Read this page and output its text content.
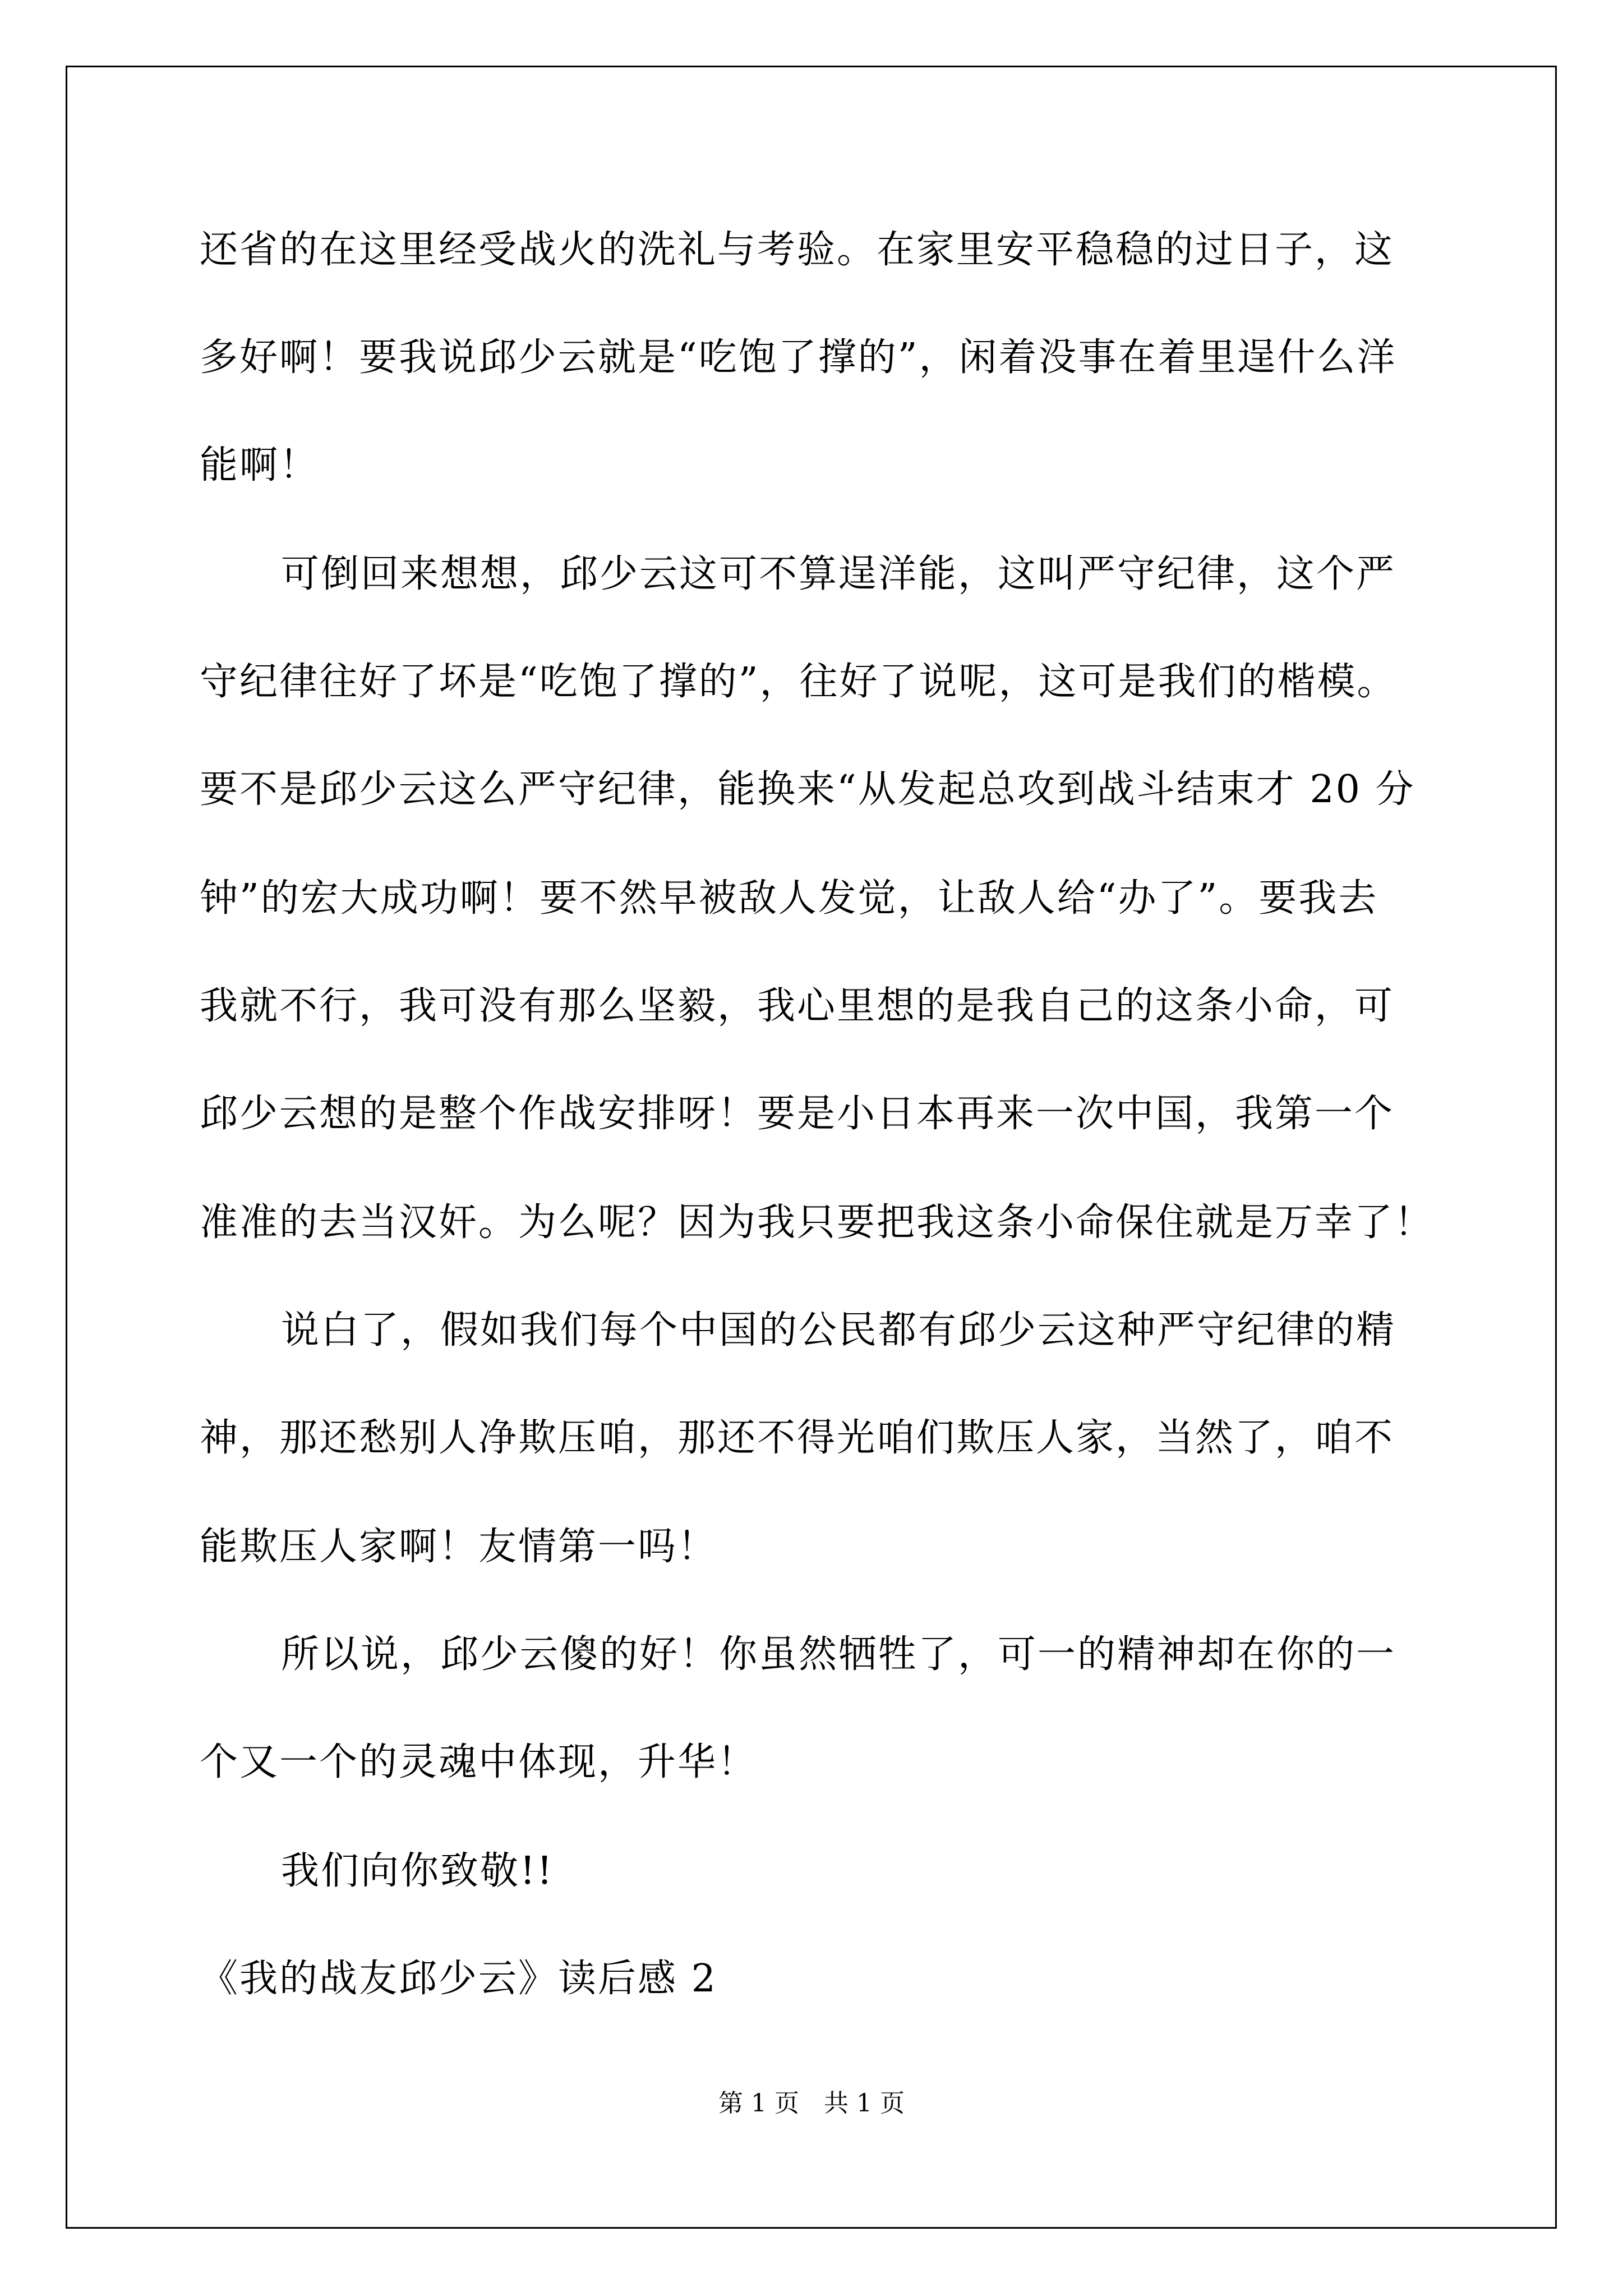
还省的在这里经受战火的洗礼与考验。在家里安平稳稳的过日子，这
多好啊！要我说邱少云就是“吃饱了撑的”，闲着没事在着里逞什么洋
能啊！
可倒回来想想，邱少云这可不算逞洋能，这叫严守纪律，这个严
守纪律往好了坏是“吃饱了撑的”，往好了说呢，这可是我们的楷模。
要不是邱少云这么严守纪律，能换来“从发起总攻到战斗结束才 20 分
钟”的宏大成功啊！要不然早被敌人发觉，让敌人给“办了”。要我去
我就不行，我可没有那么坚毅，我心里想的是我自己的这条小命，可
邱少云想的是整个作战安排呀！要是小日本再来一次中国，我第一个
准准的去当汉奸。为么呢？因为我只要把我这条小命保住就是万幸了！
说白了，假如我们每个中国的公民都有邱少云这种严守纪律的精
神，那还愁别人净欺压咱，那还不得光咱们欺压人家，当然了，咱不
能欺压人家啊！友情第一吗！
所以说，邱少云傻的好！你虽然牺牲了，可一的精神却在你的一
个又一个的灵魂中体现，升华！
我们向你致敬!!
《我的战友邱少云》读后感 2
第 1 页　共 1 页
